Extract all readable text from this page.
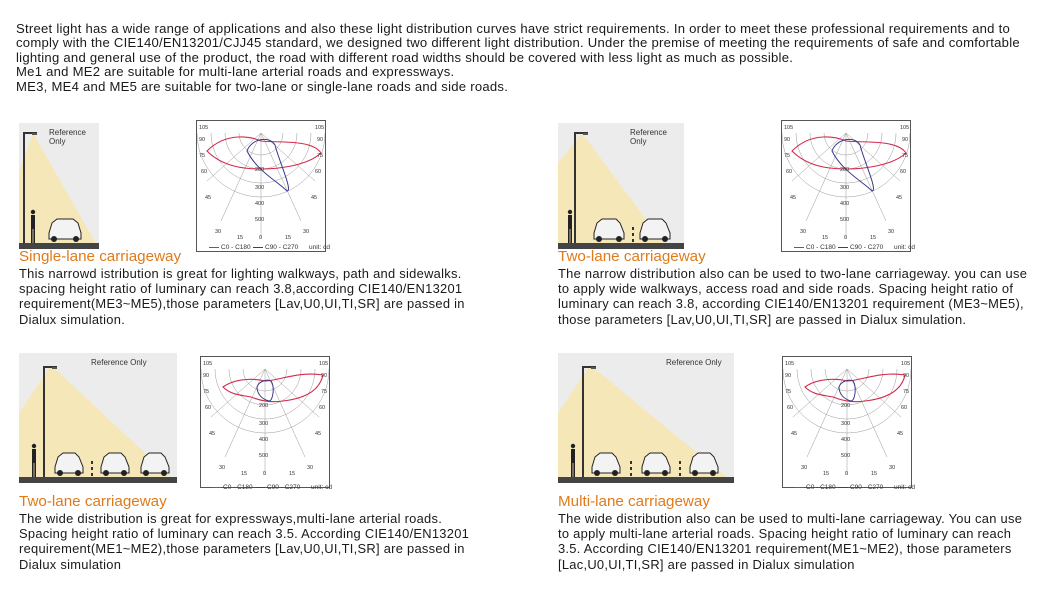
Street light has a wide range of applications and also these light distribution curves have strict requirements. In order to meet these professional requirements and to

comply with the CIE140/EN13201/CJJ45 standard, we designed two different light distribution. Under the premise of meeting the requirements of safe and comfortable

lighting and general use of the product, the road with different road widths should be covered with less light as much as possible.

Me1 and ME2 are suitable for multi-lane arterial roads and expressways.

ME3, ME4 and ME5 are suitable for two-lane or single-lane roads and side roads.

Reference Only
105	105
90	90
75	75
60	60
45	45
30	30
15	15
0
200
300
400
500
C0 - C180	C90 - C270 unit: cd
Single-lane carriageway
This narrowd istribution is great for lighting walkways, path and sidewalks.
spacing height ratio of luminary can reach 3.8,according CIE140/EN13201
requirement(ME3~ME5),those parameters [Lav,U0,UI,TI,SR] are passed in
Dialux simulation.
Reference Only
105	105
90	90
75	75
60	60
45	45
30	30
15	15
0
200
300
400
500
C0 - C180	C90 - C270 unit: cd
Two-lane carriageway
The narrow distribution also can be used to two-lane carriageway. you can use
to apply wide walkways, access road and side roads. Spacing height ratio of
luminary can reach 3.8, according CIE140/EN13201 requirement (ME3~ME5),
those parameters [Lav,U0,UI,TI,SR] are passed in Dialux simulation.
Reference Only	105	105
90	90
75	75
60	60
45	45
30	30
15	15
0
200
300
400
500
C0 - C180	C90 - C270 unit: cd
Two-lane carriageway
The wide distribution is great for expressways,multi-lane arterial roads.
Spacing height ratio of luminary can reach 3.5. According CIE140/EN13201
requirement(ME1~ME2),those parameters [Lav,U0,UI,TI,SR] are passed in
Dialux simulation
Reference Only	105	105
90	90
75	75
60	60
45	45
30	30
15	15
0
200
300
400
500
C0 - C180	C90 - C270 unit: cd
Multi-lane carriageway
The wide distribution also can be used to multi-lane carriageway. You can use
to apply multi-lane arterial roads. Spacing height ratio of luminary can reach
3.5. According CIE140/EN13201 requirement(ME1~ME2), those parameters
[Lac,U0,UI,TI,SR] are passed in Dialux simulation
